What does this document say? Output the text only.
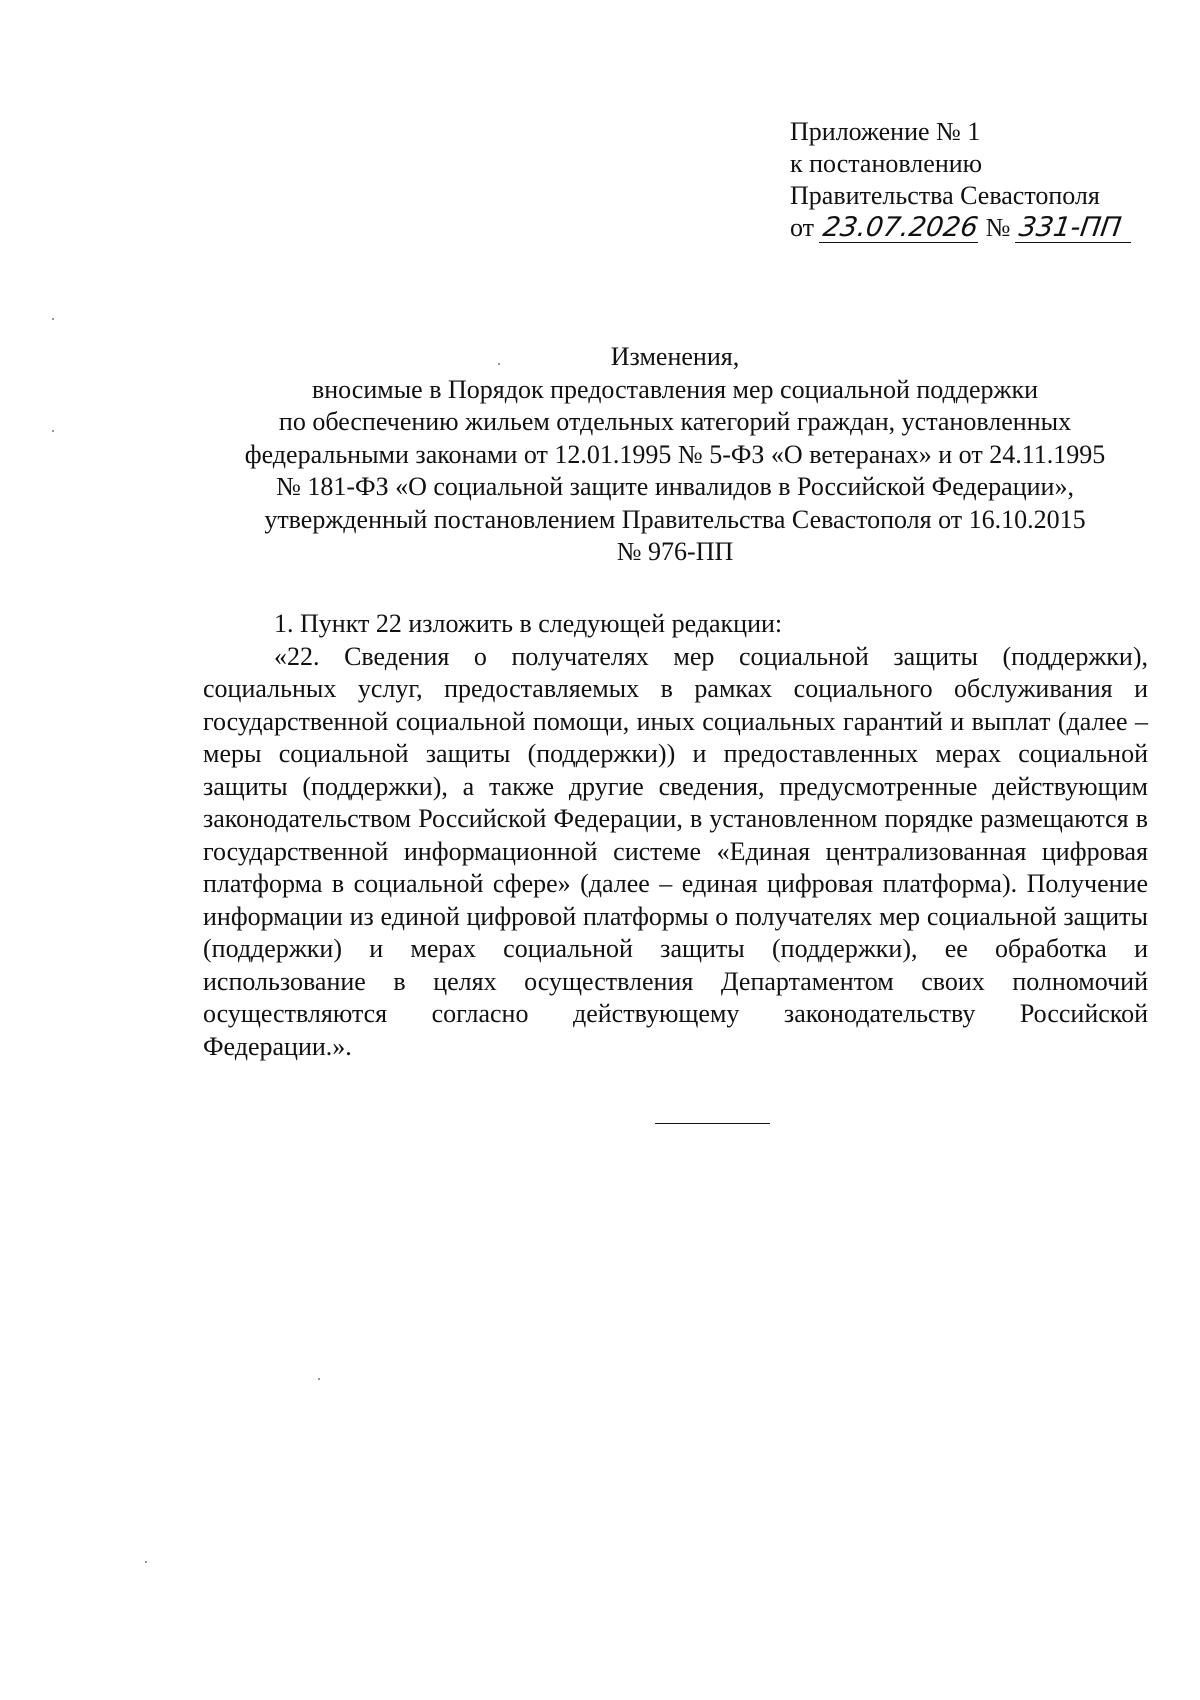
Приложение № 1
к постановлению
Правительства Севастополя
от 23.07.2026 № 331-ПП
Изменения,
вносимые в Порядок предоставления мер социальной поддержки
по обеспечению жильем отдельных категорий граждан, установленных
федеральными законами от 12.01.1995 № 5-ФЗ «О ветеранах» и от 24.11.1995
№ 181-ФЗ «О социальной защите инвалидов в Российской Федерации»,
утвержденный постановлением Правительства Севастополя от 16.10.2015
№ 976-ПП

1. Пункт 22 изложить в следующей редакции:

«22. Сведения о получателях мер социальной защиты (поддержки), социальных услуг, предоставляемых в рамках социального обслуживания и государственной социальной помощи, иных социальных гарантий и выплат (далее – меры социальной защиты (поддержки)) и предоставленных мерах социальной защиты (поддержки), а также другие сведения, предусмотренные действующим законодательством Российской Федерации, в установленном порядке размещаются в государственной информационной системе «Единая централизованная цифровая платформа в социальной сфере» (далее – единая цифровая платформа). Получение информации из единой цифровой платформы о получателях мер социальной защиты (поддержки) и мерах социальной защиты (поддержки), ее обработка и использование в целях осуществления Департаментом своих полномочий осуществляются согласно действующему законодательству Российской Федерации.».
